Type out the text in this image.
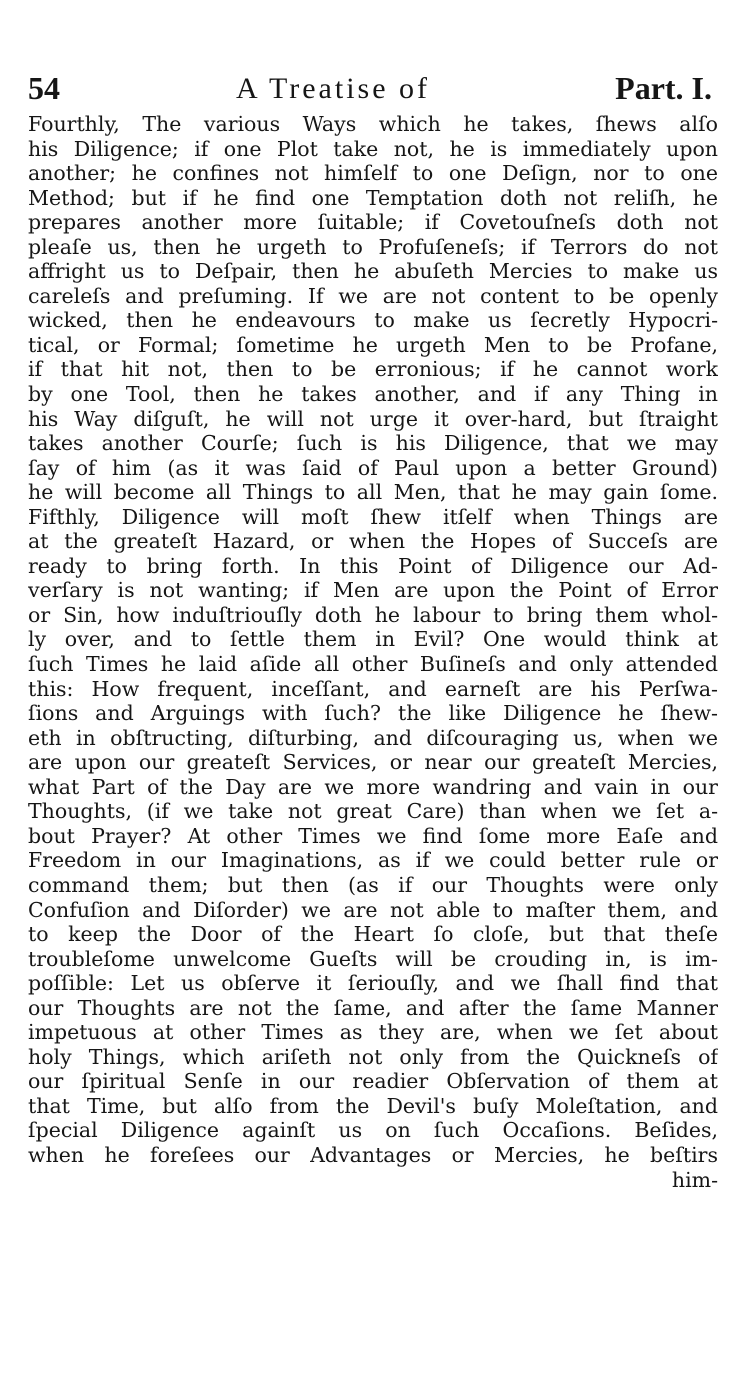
54	A Treatise of	Part. I.
Fourthly, The various Ways which he takes, ſhews alſo
his Diligence; if one Plot take not, he is immediately upon
another; he confines not himſelf to one Deſign, nor to one
Method; but if he find one Temptation doth not reliſh, he
prepares another more ſuitable; if Covetouſneſs doth not
pleaſe us, then he urgeth to Profuſeneſs; if Terrors do not
affright us to Deſpair, then he abuſeth Mercies to make us
careleſs and preſuming. If we are not content to be openly
wicked, then he endeavours to make us ſecretly Hypocri-
tical, or Formal; ſometime he urgeth Men to be Profane,
if that hit not, then to be erronious; if he cannot work
by one Tool, then he takes another, and if any Thing in
his Way diſguſt, he will not urge it over-hard, but ſtraight
takes another Courſe; ſuch is his Diligence, that we may
ſay of him (as it was ſaid of Paul upon a better Ground)
he will become all Things to all Men, that he may gain ſome.
Fifthly, Diligence will moſt ſhew itſelf when Things are
at the greateſt Hazard, or when the Hopes of Succeſs are
ready to bring forth. In this Point of Diligence our Ad-
verſary is not wanting; if Men are upon the Point of Error
or Sin, how induſtriouſly doth he labour to bring them whol-
ly over, and to ſettle them in Evil? One would think at
ſuch Times he laid aſide all other Buſineſs and only attended
this: How frequent, inceſſant, and earneſt are his Perſwa-
ſions and Arguings with ſuch? the like Diligence he ſhew-
eth in obſtructing, diſturbing, and diſcouraging us, when we
are upon our greateſt Services, or near our greateſt Mercies,
what Part of the Day are we more wandring and vain in our
Thoughts, (if we take not great Care) than when we ſet a-
bout Prayer? At other Times we find ſome more Eaſe and
Freedom in our Imaginations, as if we could better rule or
command them; but then (as if our Thoughts were only
Confuſion and Diſorder) we are not able to maſter them, and
to keep the Door of the Heart ſo cloſe, but that theſe
troubleſome unwelcome Gueſts will be crouding in, is im-
poſſible: Let us obſerve it ſeriouſly, and we ſhall find that
our Thoughts are not the ſame, and after the ſame Manner
impetuous at other Times as they are, when we ſet about
holy Things, which ariſeth not only from the Quickneſs of
our ſpiritual Senſe in our readier Obſervation of them at
that Time, but alſo from the Devil's buſy Moleſtation, and
ſpecial Diligence againſt us on ſuch Occaſions. Beſides,
when he foreſees our Advantages or Mercies, he beſtirs
him-
